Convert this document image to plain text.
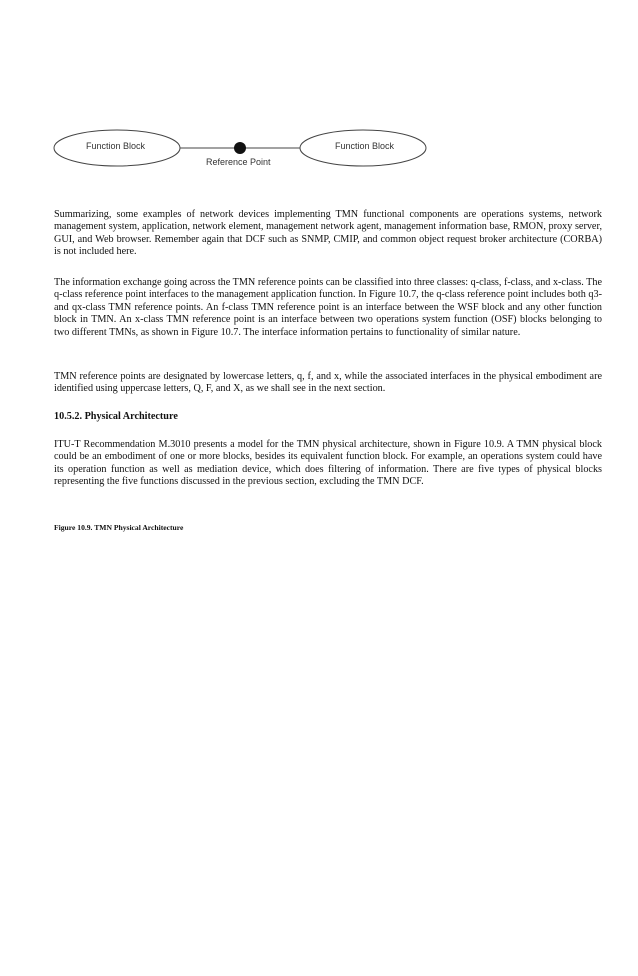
Function Block	Function Block
Reference Point

Summarizing, some examples of network devices implementing TMN functional components are operations systems, network management system, application, network element, management network agent, management information base, RMON, proxy server, GUI, and Web browser. Remember again that DCF such as SNMP, CMIP, and common object request broker architecture (CORBA) is not included here.

The information exchange going across the TMN reference points can be classified into three classes: q-class, f-class, and x-class. The q-class reference point interfaces to the management application function. In Figure 10.7, the q-class reference point includes both q3- and qx-class TMN reference points. An f-class TMN reference point is an interface between the WSF block and any other function block in TMN. An x-class TMN reference point is an interface between two operations system function (OSF) blocks belonging to two different TMNs, as shown in Figure 10.7. The interface information pertains to functionality of similar nature.

TMN reference points are designated by lowercase letters, q, f, and x, while the associated interfaces in the physical embodiment are identified using uppercase letters, Q, F, and X, as we shall see in the next section.

10.5.2. Physical Architecture

ITU-T Recommendation M.3010 presents a model for the TMN physical architecture, shown in Figure 10.9. A TMN physical block could be an embodiment of one or more blocks, besides its equivalent function block. For example, an operations system could have its operation function as well as mediation device, which does filtering of information. There are five types of physical blocks representing the five functions discussed in the previous section, excluding the TMN DCF.

Figure 10.9. TMN Physical Architecture
